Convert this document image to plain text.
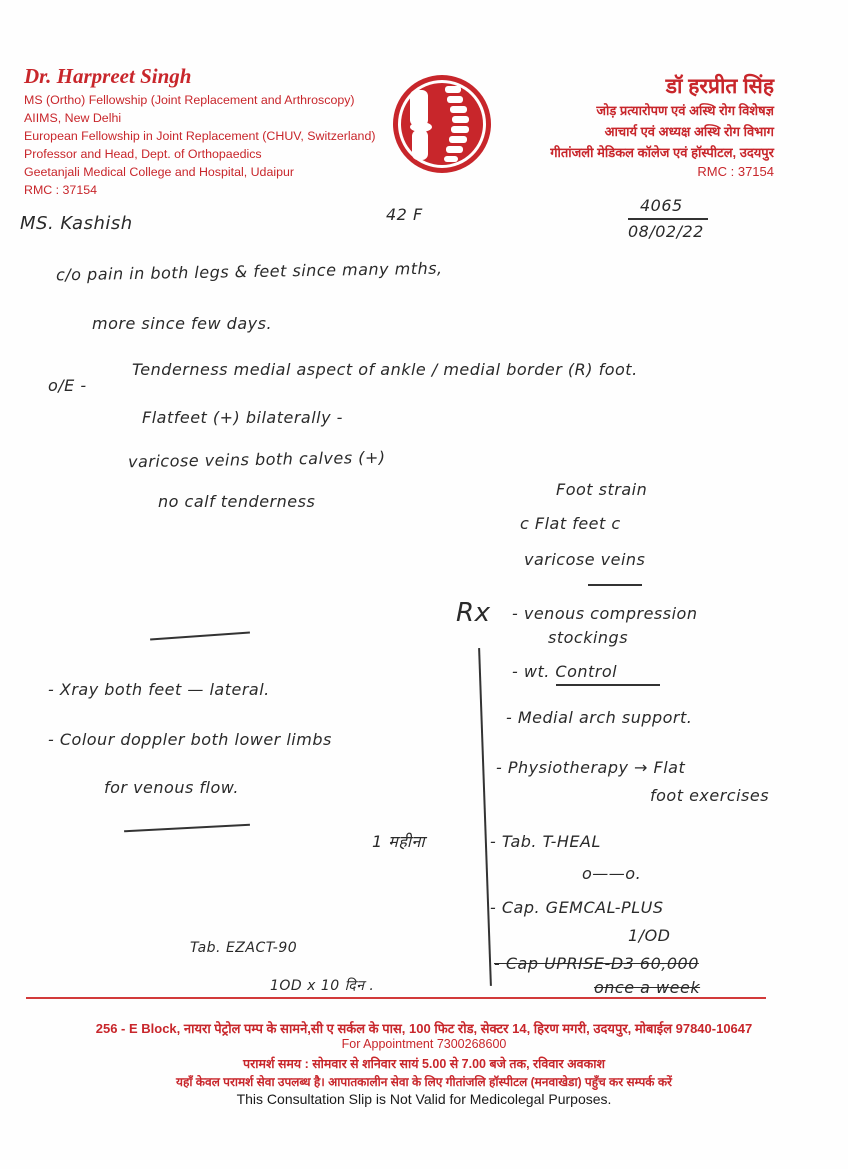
Dr. Harpreet Singh
MS (Ortho) Fellowship (Joint Replacement and Arthroscopy)
AIIMS, New Delhi
European Fellowship in Joint Replacement (CHUV, Switzerland)
Professor and Head, Dept. of Orthopaedics
Geetanjali Medical College and Hospital, Udaipur
RMC : 37154
डॉ हरप्रीत सिंह
जोड़ प्रत्यारोपण एवं अस्थि रोग विशेषज्ञ
आचार्य एवं अध्यक्ष अस्थि रोग विभाग
गीतांजली मेडिकल कॉलेज एवं हॉस्पीटल, उदयपुर
RMC : 37154
MS. Kashish	42 F	4065
08/02/22
c/o pain in both legs & feet since many mths,
more since few days.
o/E -
Tenderness medial aspect of ankle / medial border (R) foot.
Flatfeet (+) bilaterally -
varicose veins both calves (+)
no calf tenderness
Foot strain
c Flat feet c
varicose veins
Rx
- Xray both feet — lateral.
- Colour doppler both lower limbs
for venous flow.
- venous compression
stockings
- wt. Control
- Medial arch support.
- Physiotherapy → Flat
foot exercises
- Tab. T-HEAL
o——o.
- Cap. GEMCAL-PLUS
1/OD
- Cap UPRISE-D3 60,000
once a week
1 महीना
Tab. EZACT-90
1OD x 10 दिन .
256 - E Block, नायरा पेट्रोल पम्प के सामने,सी ए सर्कल के पास, 100 फिट रोड, सेक्टर 14, हिरण मगरी, उदयपुर, मोबाईल 97840-10647
For Appointment 7300268600
परामर्श समय : सोमवार से शनिवार सायं 5.00 से 7.00 बजे तक, रविवार अवकाश
यहाँ केवल परामर्श सेवा उपलब्ध है। आपातकालीन सेवा के लिए गीतांजलि हॉस्पीटल (मनवाखेडा) पहुँच कर सम्पर्क करें
This Consultation Slip is Not Valid for Medicolegal Purposes.
